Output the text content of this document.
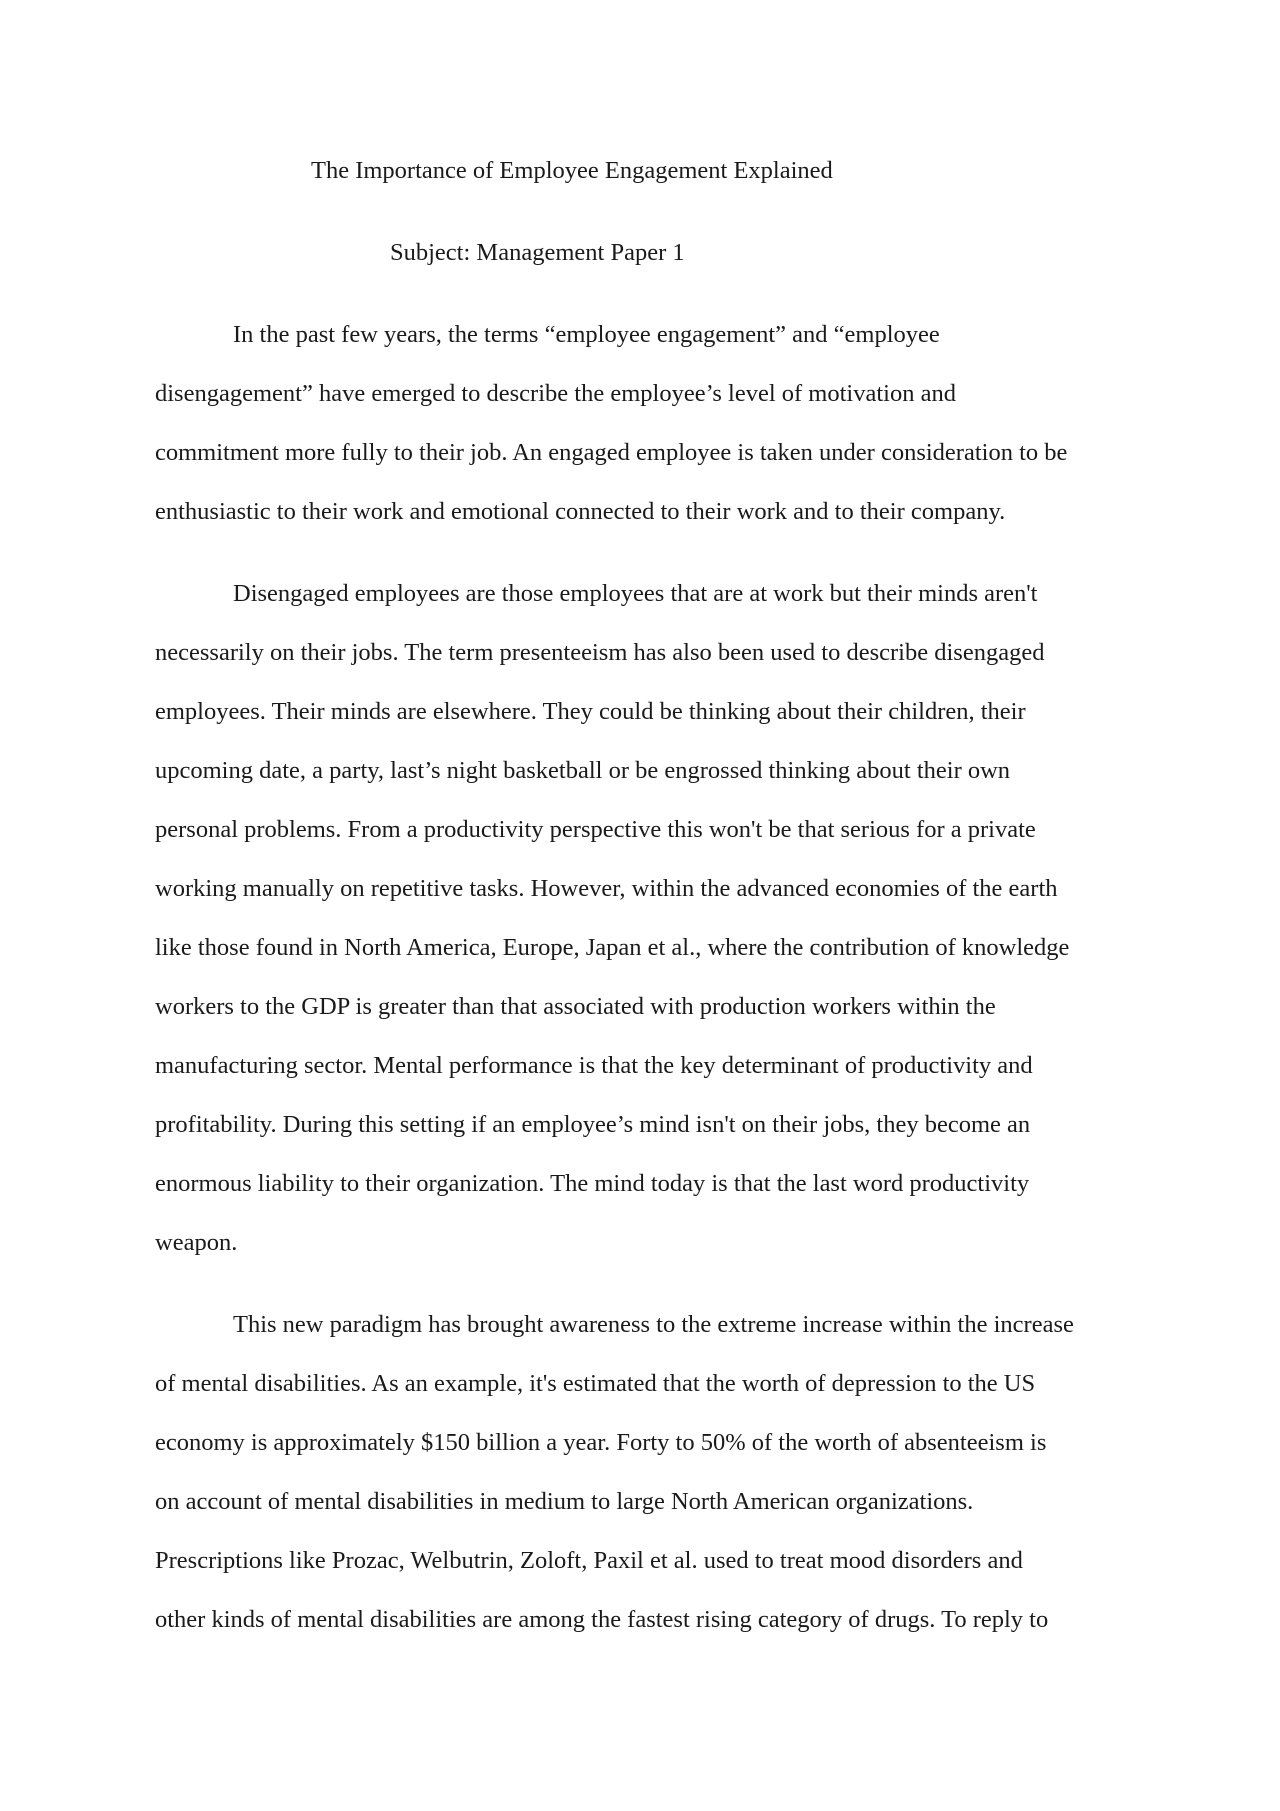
The Importance of Employee Engagement Explained

Subject: Management Paper 1

In the past few years, the terms “employee engagement” and “employee

disengagement” have emerged to describe the employee’s level of motivation and

commitment more fully to their job. An engaged employee is taken under consideration to be

enthusiastic to their work and emotional connected to their work and to their company.

Disengaged employees are those employees that are at work but their minds aren't

necessarily on their jobs. The term presenteeism has also been used to describe disengaged

employees. Their minds are elsewhere. They could be thinking about their children, their

upcoming date, a party, last’s night basketball or be engrossed thinking about their own

personal problems. From a productivity perspective this won't be that serious for a private

working manually on repetitive tasks. However, within the advanced economies of the earth

like those found in North America, Europe, Japan et al., where the contribution of knowledge

workers to the GDP is greater than that associated with production workers within the

manufacturing sector. Mental performance is that the key determinant of productivity and

profitability. During this setting if an employee’s mind isn't on their jobs, they become an

enormous liability to their organization. The mind today is that the last word productivity

weapon.

This new paradigm has brought awareness to the extreme increase within the increase

of mental disabilities. As an example, it's estimated that the worth of depression to the US

economy is approximately $150 billion a year. Forty to 50% of the worth of absenteeism is

on account of mental disabilities in medium to large North American organizations.

Prescriptions like Prozac, Welbutrin, Zoloft, Paxil et al. used to treat mood disorders and

other kinds of mental disabilities are among the fastest rising category of drugs. To reply to
